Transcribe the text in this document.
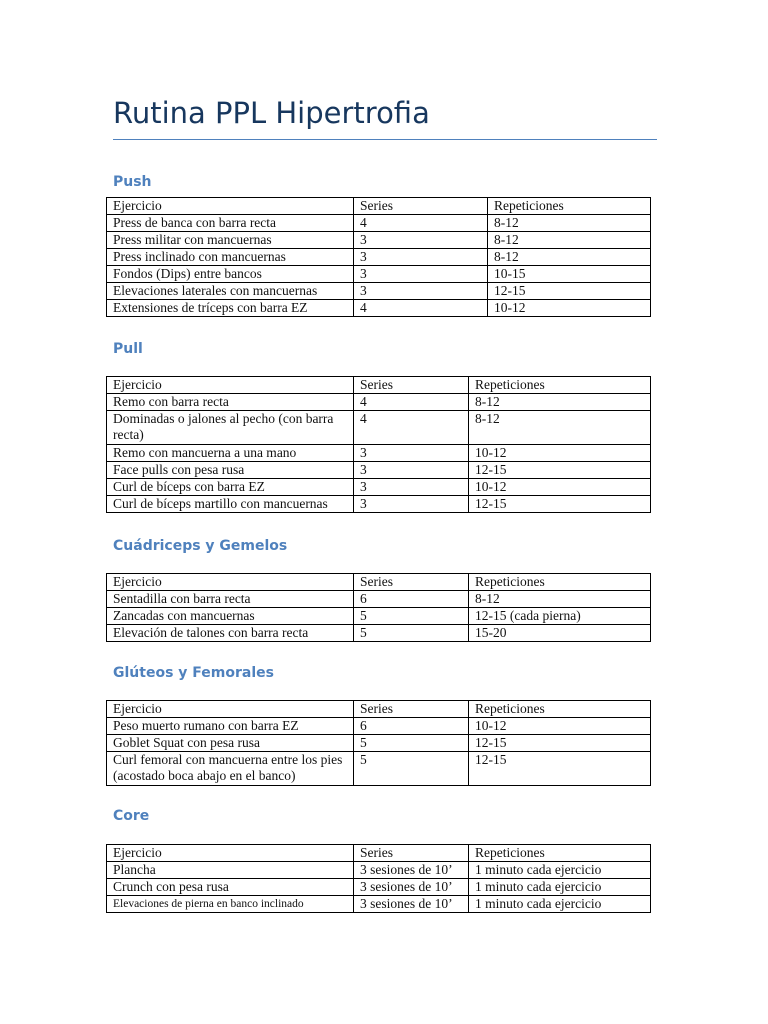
Rutina PPL Hipertrofia
Push
Ejercicio	Series	Repeticiones
Press de banca con barra recta	4	8-12
Press militar con mancuernas	3	8-12
Press inclinado con mancuernas	3	8-12
Fondos (Dips) entre bancos	3	10-15
Elevaciones laterales con mancuernas	3	12-15
Extensiones de tríceps con barra EZ	4	10-12
Pull
Ejercicio	Series	Repeticiones
Remo con barra recta	4	8-12
Dominadas o jalones al pecho (con barra recta)	4	8-12
Remo con mancuerna a una mano	3	10-12
Face pulls con pesa rusa	3	12-15
Curl de bíceps con barra EZ	3	10-12
Curl de bíceps martillo con mancuernas	3	12-15
Cuádriceps y Gemelos
Ejercicio	Series	Repeticiones
Sentadilla con barra recta	6	8-12
Zancadas con mancuernas	5	12-15 (cada pierna)
Elevación de talones con barra recta	5	15-20
Glúteos y Femorales
Ejercicio	Series	Repeticiones
Peso muerto rumano con barra EZ	6	10-12
Goblet Squat con pesa rusa	5	12-15
Curl femoral con mancuerna entre los pies (acostado boca abajo en el banco)	5	12-15
Core
Ejercicio	Series	Repeticiones
Plancha	3 sesiones de 10’	1 minuto cada ejercicio
Crunch con pesa rusa	3 sesiones de 10’	1 minuto cada ejercicio
Elevaciones de pierna en banco inclinado	3 sesiones de 10’	1 minuto cada ejercicio
